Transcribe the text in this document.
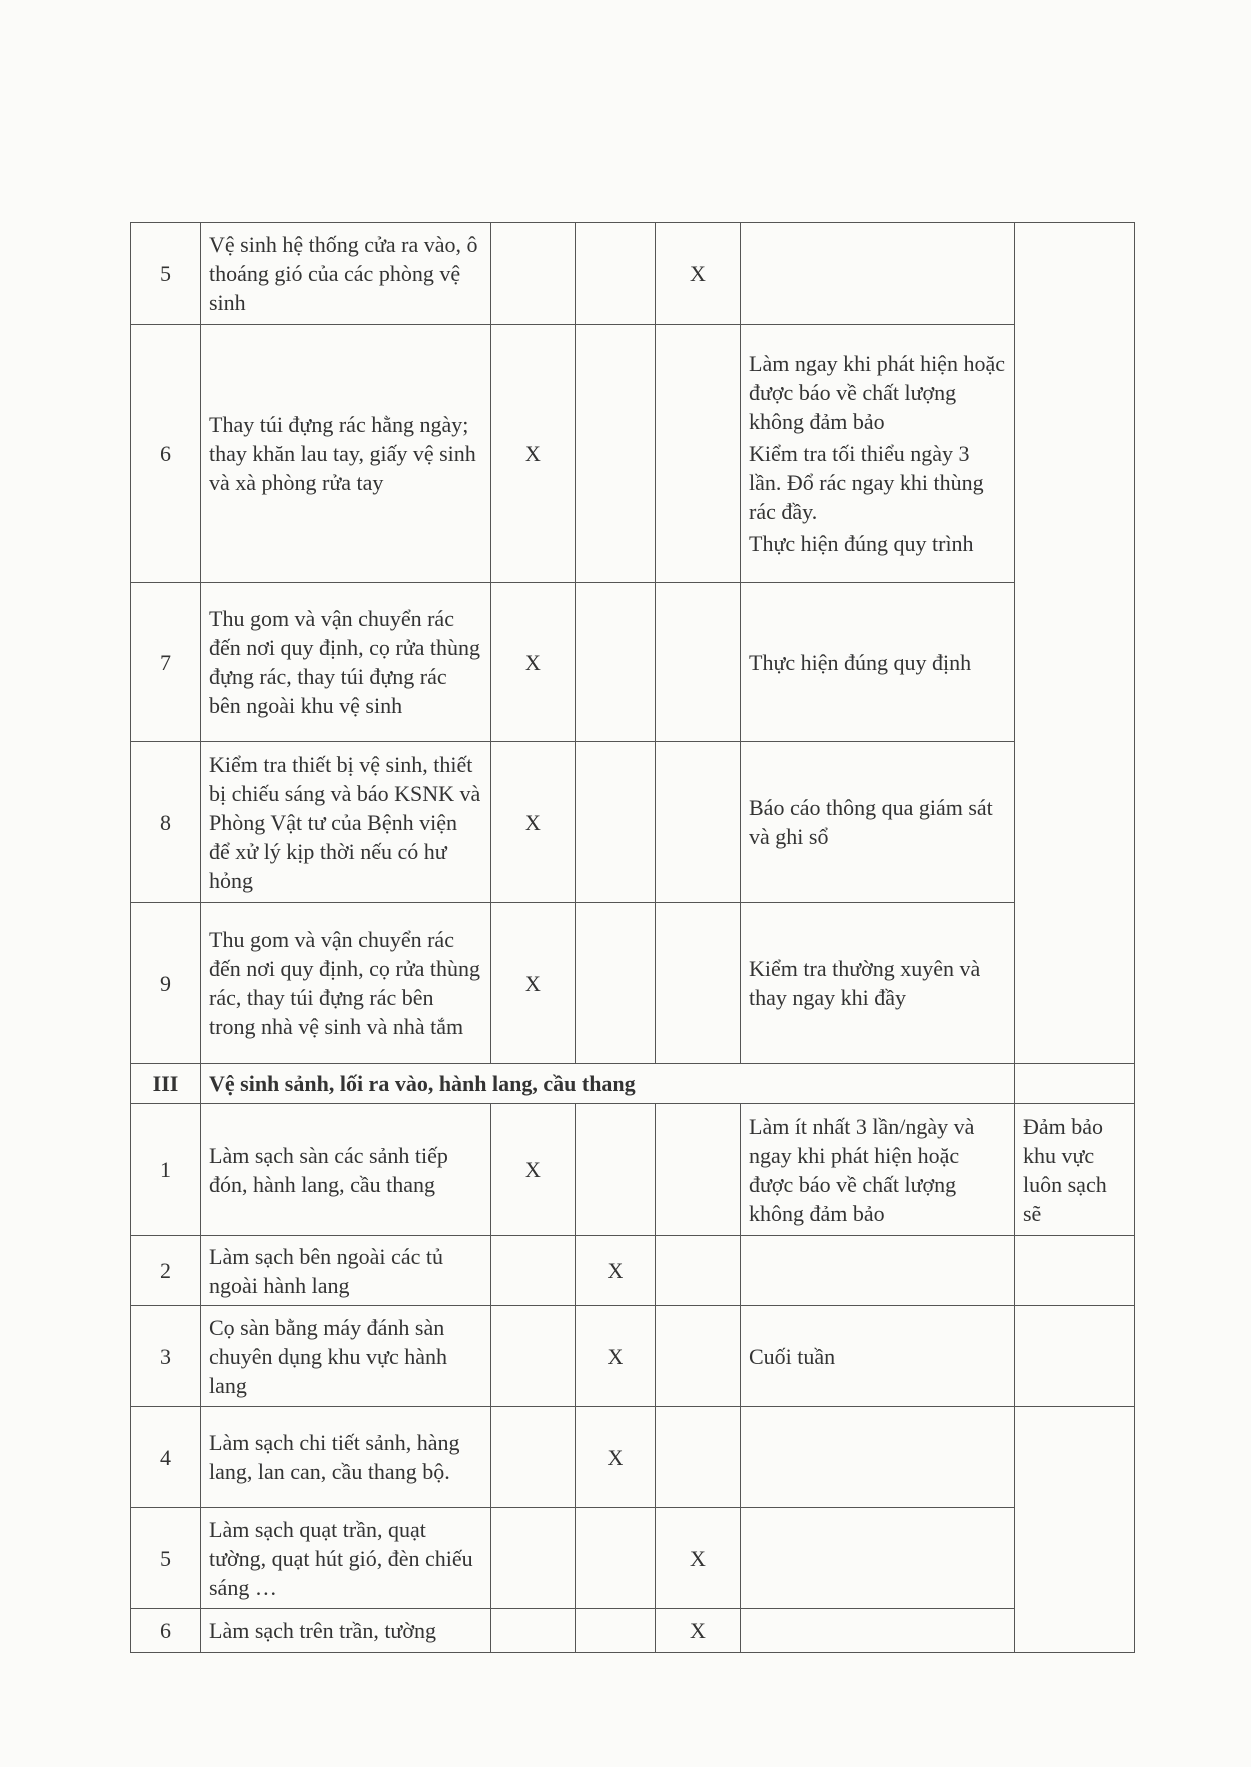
5	Vệ sinh hệ thống cửa ra vào, ô thoáng gió của các phòng vệ sinh			X		
6	Thay túi đựng rác hằng ngày; thay khăn lau tay, giấy vệ sinh và xà phòng rửa tay	X			Làm ngay khi phát hiện hoặc được báo về chất lượng không đảm bảo
Kiểm tra tối thiểu ngày 3 lần. Đổ rác ngay khi thùng rác đầy.
Thực hiện đúng quy trình	

7	Thu gom và vận chuyển rác đến nơi quy định, cọ rửa thùng đựng rác, thay túi đựng rác bên ngoài khu vệ sinh	X			Thực hiện đúng quy định	
8	Kiểm tra thiết bị vệ sinh, thiết bị chiếu sáng và báo KSNK và Phòng Vật tư của Bệnh viện để xử lý kịp thời nếu có hư hỏng	X			Báo cáo thông qua giám sát và ghi sổ	
9	Thu gom và vận chuyển rác đến nơi quy định, cọ rửa thùng rác, thay túi đựng rác bên trong nhà vệ sinh và nhà tắm	X			Kiểm tra thường xuyên và thay ngay khi đầy	
III	Vệ sinh sảnh, lối ra vào, hành lang, cầu thang					
1	Làm sạch sàn các sảnh tiếp đón, hành lang, cầu thang	X			Làm ít nhất 3 lần/ngày và ngay khi phát hiện hoặc được báo về chất lượng không đảm bảo	Đảm bảo khu vực luôn sạch sẽ
2	Làm sạch bên ngoài các tủ ngoài hành lang		X			
3	Cọ sàn bằng máy đánh sàn chuyên dụng khu vực hành lang		X		Cuối tuần	
4	Làm sạch chi tiết sảnh, hàng lang, lan can, cầu thang bộ.		X			
5	Làm sạch quạt trần, quạt tường, quạt hút gió, đèn chiếu sáng …			X		
6	Làm sạch trên trần, tường			X		
